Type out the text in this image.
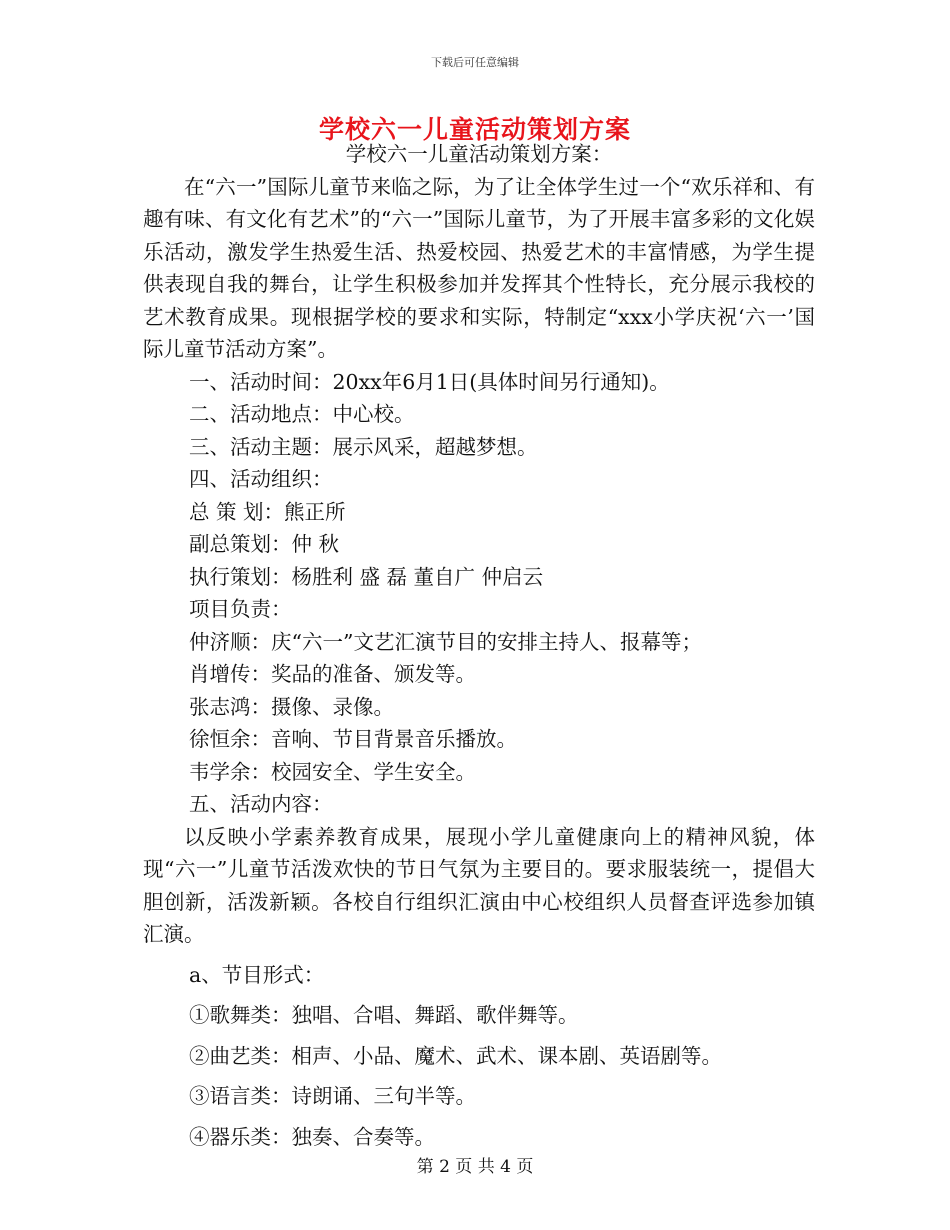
下载后可任意编辑
学校六一儿童活动策划方案

学校六一儿童活动策划方案：

在“六一”国际儿童节来临之际，为了让全体学生过一个“欢乐祥和、有趣有味、有文化有艺术”的“六一”国际儿童节，为了开展丰富多彩的文化娱乐活动，激发学生热爱生活、热爱校园、热爱艺术的丰富情感，为学生提供表现自我的舞台，让学生积极参加并发挥其个性特长，充分展示我校的艺术教育成果。现根据学校的要求和实际，特制定“xxx小学庆祝‘六一’国际儿童节活动方案”。

一、活动时间：20xx年6月1日(具体时间另行通知)。

二、活动地点：中心校。

三、活动主题：展示风采，超越梦想。

四、活动组织：

总 策 划：熊正所

副总策划：仲 秋

执行策划：杨胜利 盛 磊 董自广 仲启云

项目负责：

仲济顺：庆“六一”文艺汇演节目的安排主持人、报幕等；

肖增传：奖品的准备、颁发等。

张志鸿：摄像、录像。

徐恒余：音响、节目背景音乐播放。

韦学余：校园安全、学生安全。

五、活动内容：

以反映小学素养教育成果，展现小学儿童健康向上的精神风貌，体现“六一”儿童节活泼欢快的节日气氛为主要目的。要求服装统一，提倡大胆创新，活泼新颖。各校自行组织汇演由中心校组织人员督查评选参加镇汇演。

a、节目形式：

①歌舞类：独唱、合唱、舞蹈、歌伴舞等。

②曲艺类：相声、小品、魔术、武术、课本剧、英语剧等。

③语言类：诗朗诵、三句半等。

④器乐类：独奏、合奏等。

第 2 页 共 4 页
